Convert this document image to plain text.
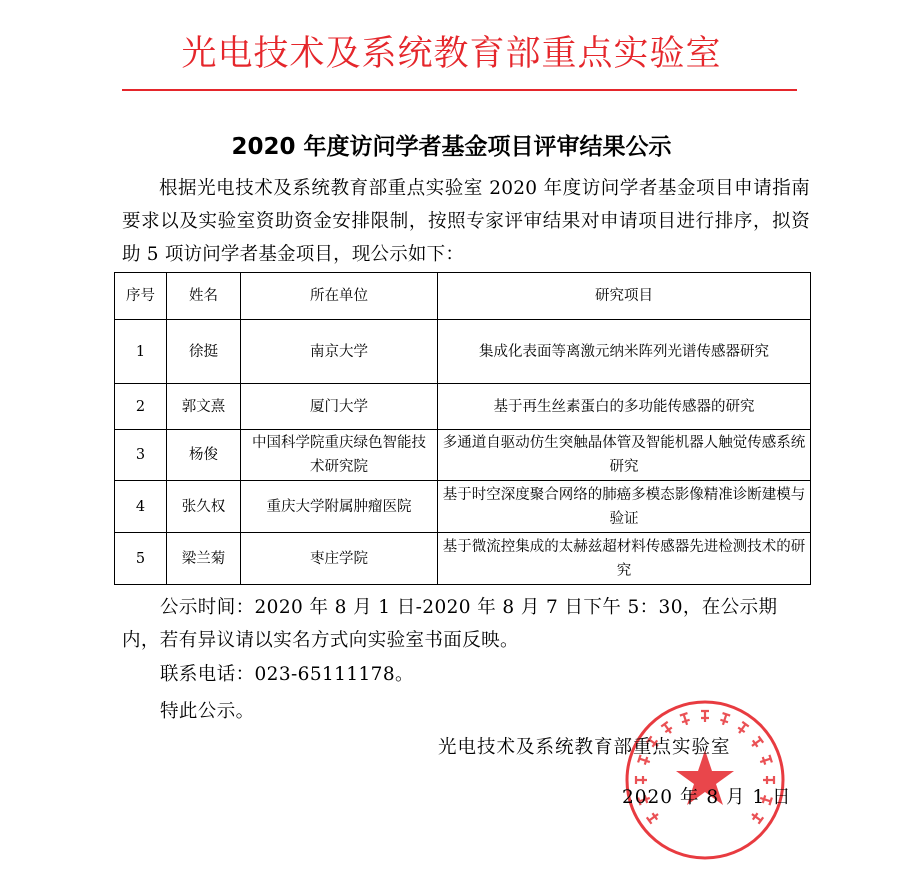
光电技术及系统教育部重点实验室
2020 年度访问学者基金项目评审结果公示
根据光电技术及系统教育部重点实验室 2020 年度访问学者基金项目申请指南要求以及实验室资助资金安排限制，按照专家评审结果对申请项目进行排序，拟资助 5 项访问学者基金项目，现公示如下：
序号	姓名	所在单位	研究项目
1	徐挺	南京大学	集成化表面等离激元纳米阵列光谱传感器研究
2	郭文熹	厦门大学	基于再生丝素蛋白的多功能传感器的研究
3	杨俊	中国科学院重庆绿色智能技术研究院	多通道自驱动仿生突触晶体管及智能机器人触觉传感系统研究
4	张久权	重庆大学附属肿瘤医院	基于时空深度聚合网络的肺癌多模态影像精准诊断建模与验证
5	梁兰菊	枣庄学院	基于微流控集成的太赫兹超材料传感器先进检测技术的研究
公示时间：2020 年 8 月 1 日-2020 年 8 月 7 日下午 5：30，在公示期
内，若有异议请以实名方式向实验室书面反映。
联系电话：023-65111178。
特此公示。
光电技术及系统教育部重点实验室
2020 年 8 月 1 日
